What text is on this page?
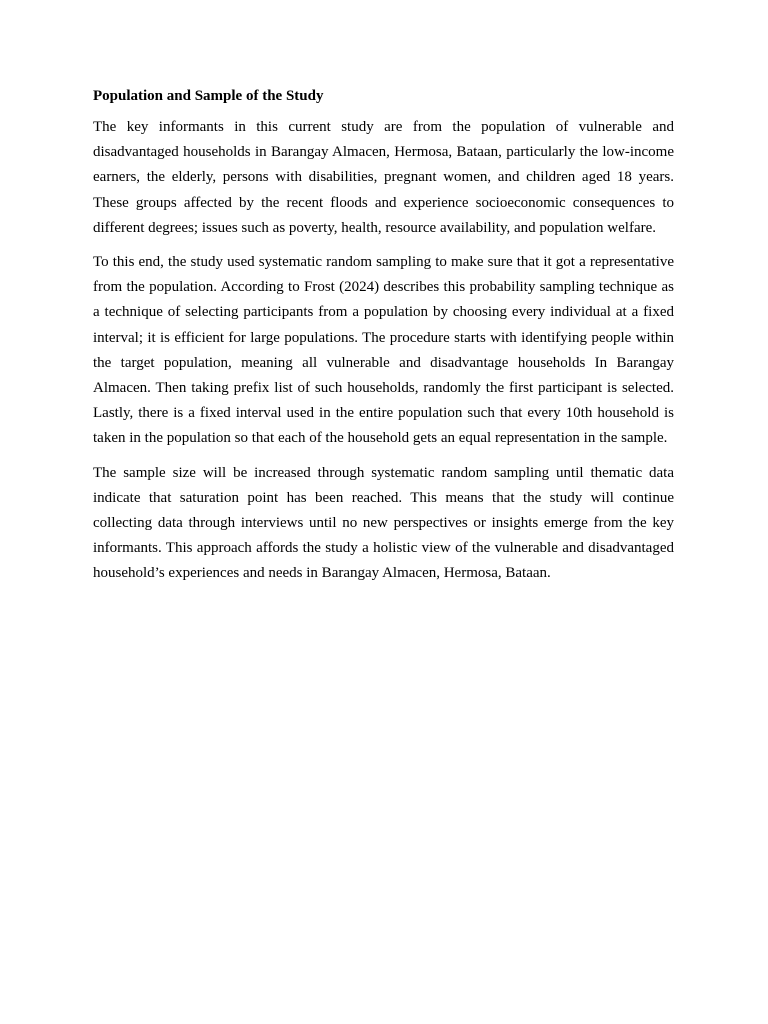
Population and Sample of the Study

The key informants in this current study are from the population of vulnerable and disadvantaged households in Barangay Almacen, Hermosa, Bataan, particularly the low-income earners, the elderly, persons with disabilities, pregnant women, and children aged 18 years. These groups affected by the recent floods and experience socioeconomic consequences to different degrees; issues such as poverty, health, resource availability, and population welfare.

To this end, the study used systematic random sampling to make sure that it got a representative from the population. According to Frost (2024) describes this probability sampling technique as a technique of selecting participants from a population by choosing every individual at a fixed interval; it is efficient for large populations. The procedure starts with identifying people within the target population, meaning all vulnerable and disadvantage households In Barangay Almacen. Then taking prefix list of such households, randomly the first participant is selected. Lastly, there is a fixed interval used in the entire population such that every 10th household is taken in the population so that each of the household gets an equal representation in the sample.

The sample size will be increased through systematic random sampling until thematic data indicate that saturation point has been reached. This means that the study will continue collecting data through interviews until no new perspectives or insights emerge from the key informants. This approach affords the study a holistic view of the vulnerable and disadvantaged household’s experiences and needs in Barangay Almacen, Hermosa, Bataan.
